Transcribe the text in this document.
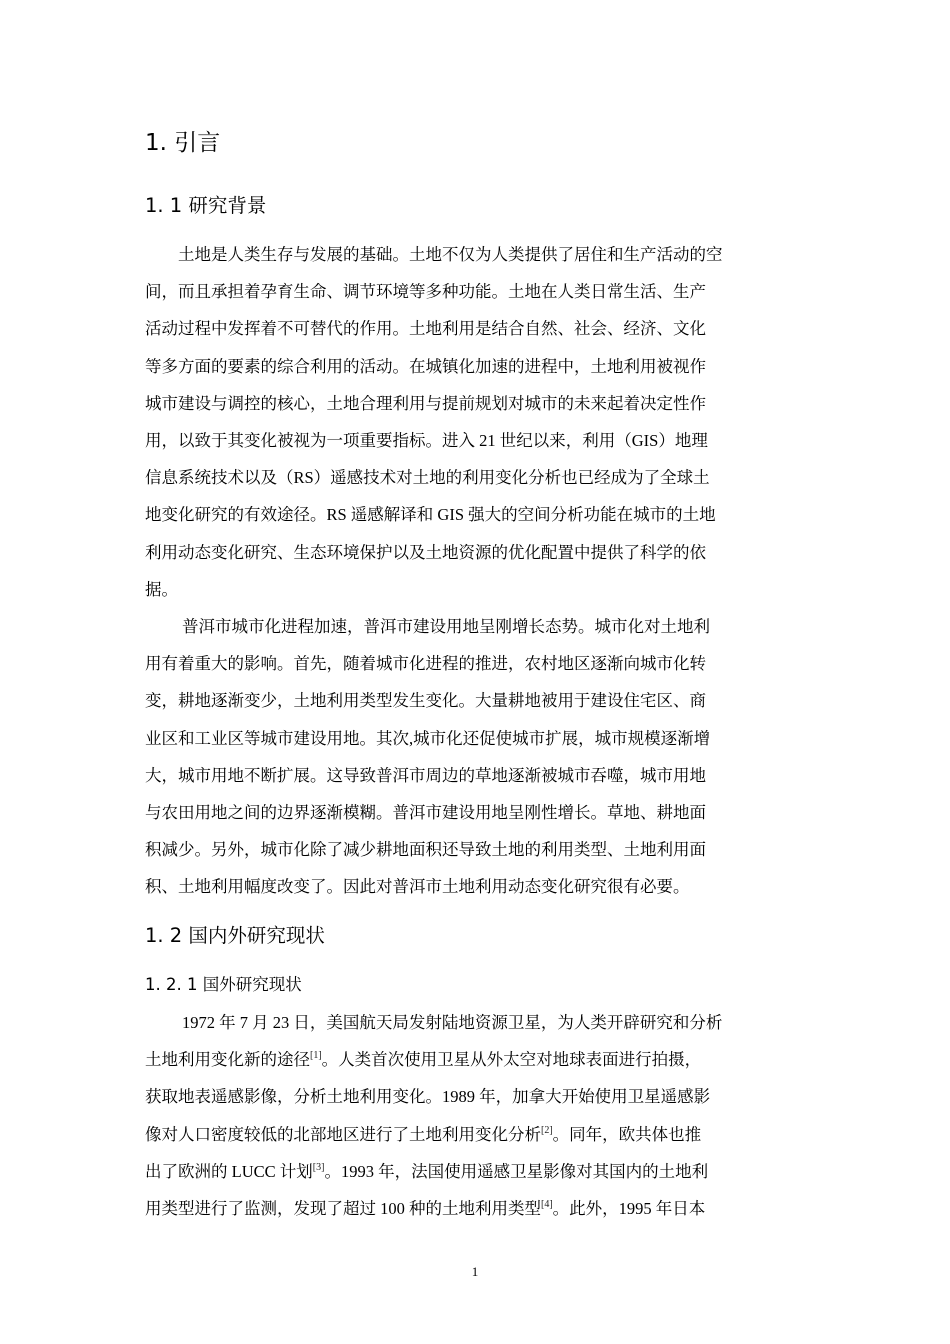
1. 引言
1. 1 研究背景
土地是人类生存与发展的基础。土地不仅为人类提供了居住和生产活动的空
间，而且承担着孕育生命、调节环境等多种功能。土地在人类日常生活、生产
活动过程中发挥着不可替代的作用。土地利用是结合自然、社会、经济、文化
等多方面的要素的综合利用的活动。在城镇化加速的进程中，土地利用被视作
城市建设与调控的核心，土地合理利用与提前规划对城市的未来起着决定性作
用，以致于其变化被视为一项重要指标。进入 21 世纪以来，利用（GIS）地理
信息系统技术以及（RS）遥感技术对土地的利用变化分析也已经成为了全球土
地变化研究的有效途径。RS 遥感解译和 GIS 强大的空间分析功能在城市的土地
利用动态变化研究、生态环境保护以及土地资源的优化配置中提供了科学的依
据。
普洱市城市化进程加速，普洱市建设用地呈刚增长态势。城市化对土地利
用有着重大的影响。首先，随着城市化进程的推进，农村地区逐渐向城市化转
变，耕地逐渐变少，土地利用类型发生变化。大量耕地被用于建设住宅区、商
业区和工业区等城市建设用地。其次,城市化还促使城市扩展，城市规模逐渐增
大，城市用地不断扩展。这导致普洱市周边的草地逐渐被城市吞噬，城市用地
与农田用地之间的边界逐渐模糊。普洱市建设用地呈刚性增长。草地、耕地面
积减少。另外，城市化除了减少耕地面积还导致土地的利用类型、土地利用面
积、土地利用幅度改变了。因此对普洱市土地利用动态变化研究很有必要。
1. 2 国内外研究现状
1. 2. 1 国外研究现状
1972 年 7 月 23 日，美国航天局发射陆地资源卫星，为人类开辟研究和分析
土地利用变化新的途径[1]。人类首次使用卫星从外太空对地球表面进行拍摄，
获取地表遥感影像，分析土地利用变化。1989 年，加拿大开始使用卫星遥感影
像对人口密度较低的北部地区进行了土地利用变化分析[2]。同年，欧共体也推
出了欧洲的 LUCC 计划[3]。1993 年，法国使用遥感卫星影像对其国内的土地利
用类型进行了监测，发现了超过 100 种的土地利用类型[4]。此外，1995 年日本
1
